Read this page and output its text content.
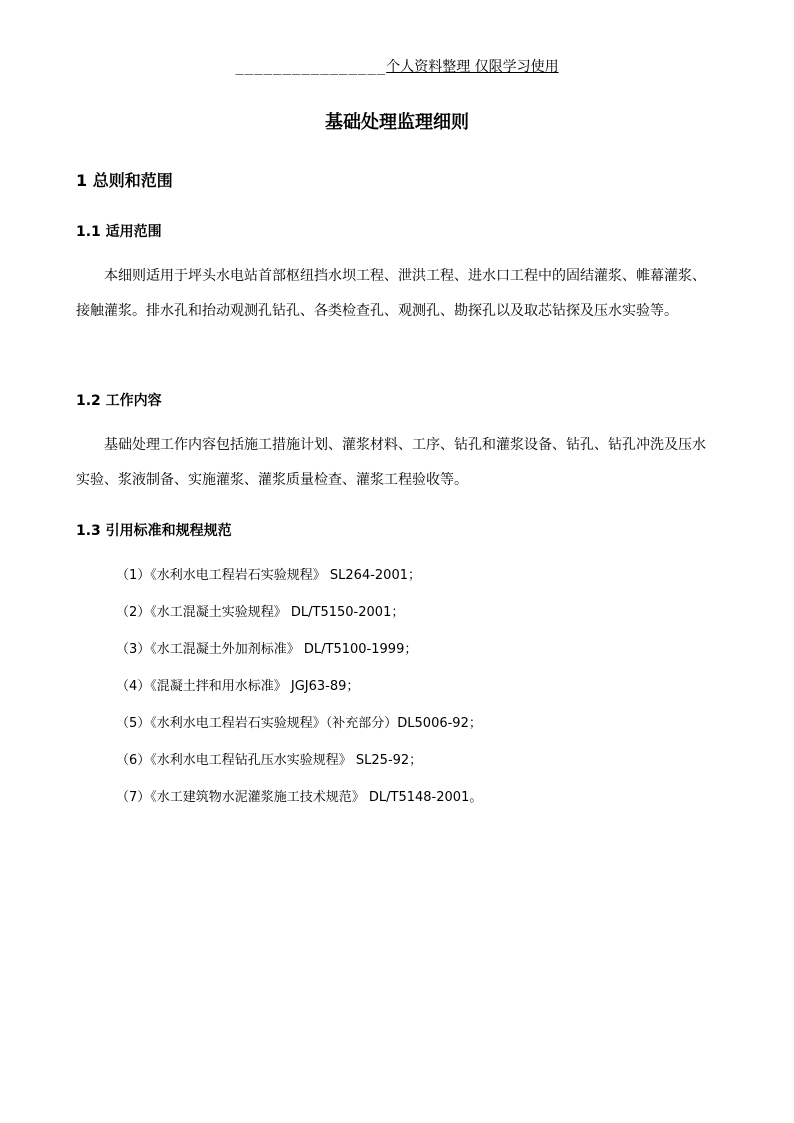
________________个人资料整理 仅限学习使用
基础处理监理细则
1 总则和范围
1.1 适用范围
本细则适用于坪头水电站首部枢纽挡水坝工程、泄洪工程、进水口工程中的固结灌浆、帷幕灌浆、接触灌浆。排水孔和抬动观测孔钻孔、各类检查孔、观测孔、勘探孔以及取芯钻探及压水实验等。
1.2 工作内容
基础处理工作内容包括施工措施计划、灌浆材料、工序、钻孔和灌浆设备、钻孔、钻孔冲洗及压水实验、浆液制备、实施灌浆、灌浆质量检查、灌浆工程验收等。
1.3 引用标准和规程规范
（1）《水利水电工程岩石实验规程》 SL264-2001；
（2）《水工混凝土实验规程》 DL/T5150-2001；
（3）《水工混凝土外加剂标准》 DL/T5100-1999；
（4）《混凝土拌和用水标准》 JGJ63-89；
（5）《水利水电工程岩石实验规程》（补充部分）DL5006-92；
（6）《水利水电工程钻孔压水实验规程》 SL25-92；
（7）《水工建筑物水泥灌浆施工技术规范》 DL/T5148-2001。
